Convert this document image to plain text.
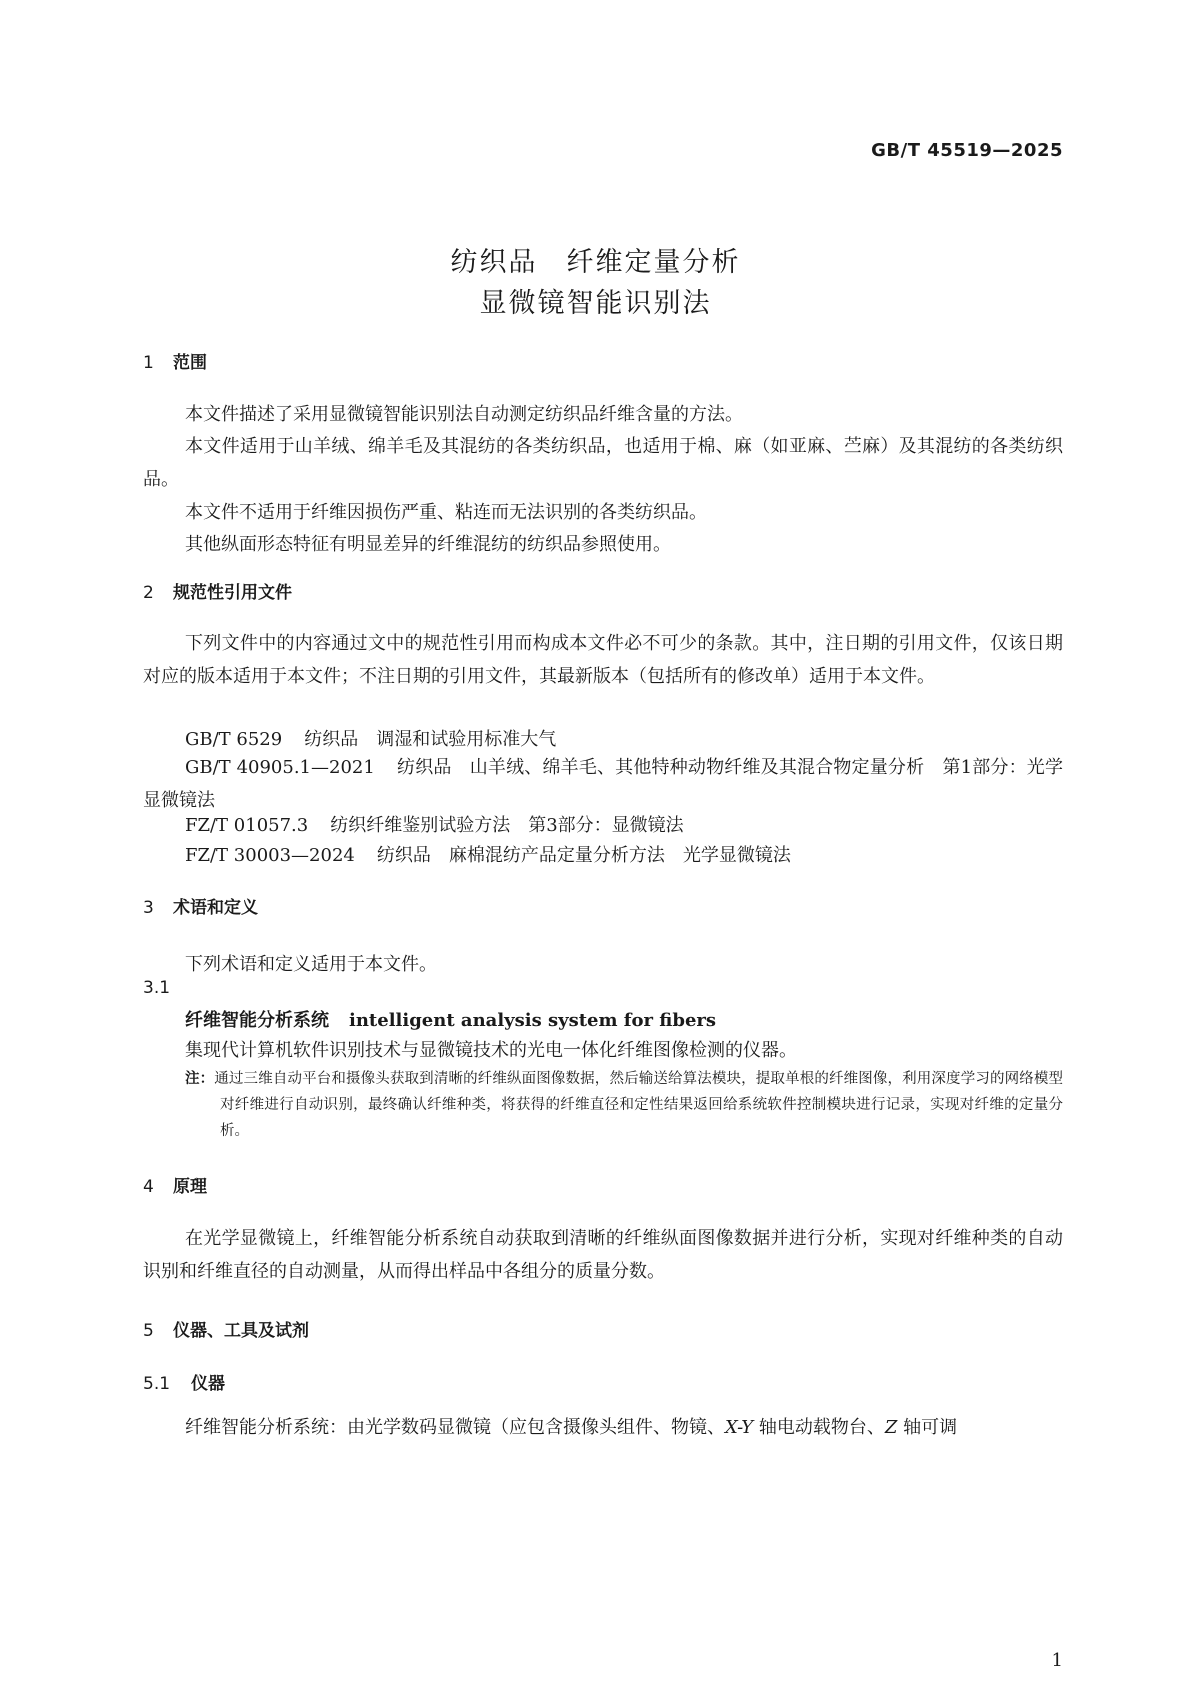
GB/T 45519—2025
纺织品　纤维定量分析
显微镜智能识别法
1 范围
本文件描述了采用显微镜智能识别法自动测定纺织品纤维含量的方法。
本文件适用于山羊绒、绵羊毛及其混纺的各类纺织品，也适用于棉、麻（如亚麻、苎麻）及其混纺的各类纺织品。
本文件不适用于纤维因损伤严重、粘连而无法识别的各类纺织品。
其他纵面形态特征有明显差异的纤维混纺的纺织品参照使用。
2 规范性引用文件
下列文件中的内容通过文中的规范性引用而构成本文件必不可少的条款。其中，注日期的引用文件，仅该日期对应的版本适用于本文件；不注日期的引用文件，其最新版本（包括所有的修改单）适用于本文件。
GB/T 6529 纺织品　调湿和试验用标准大气
GB/T 40905.1—2021 纺织品　山羊绒、绵羊毛、其他特种动物纤维及其混合物定量分析　第1部分：光学显微镜法
FZ/T 01057.3 纺织纤维鉴别试验方法　第3部分：显微镜法
FZ/T 30003—2024 纺织品　麻棉混纺产品定量分析方法　光学显微镜法
3 术语和定义
下列术语和定义适用于本文件。
3.1
纤维智能分析系统 intelligent analysis system for fibers
集现代计算机软件识别技术与显微镜技术的光电一体化纤维图像检测的仪器。
注：通过三维自动平台和摄像头获取到清晰的纤维纵面图像数据，然后输送给算法模块，提取单根的纤维图像，利用深度学习的网络模型对纤维进行自动识别，最终确认纤维种类，将获得的纤维直径和定性结果返回给系统软件控制模块进行记录，实现对纤维的定量分析。
4 原理
在光学显微镜上，纤维智能分析系统自动获取到清晰的纤维纵面图像数据并进行分析，实现对纤维种类的自动识别和纤维直径的自动测量，从而得出样品中各组分的质量分数。
5 仪器、工具及试剂
5.1 仪器
纤维智能分析系统：由光学数码显微镜（应包含摄像头组件、物镜、X-Y 轴电动载物台、Z 轴可调
1
